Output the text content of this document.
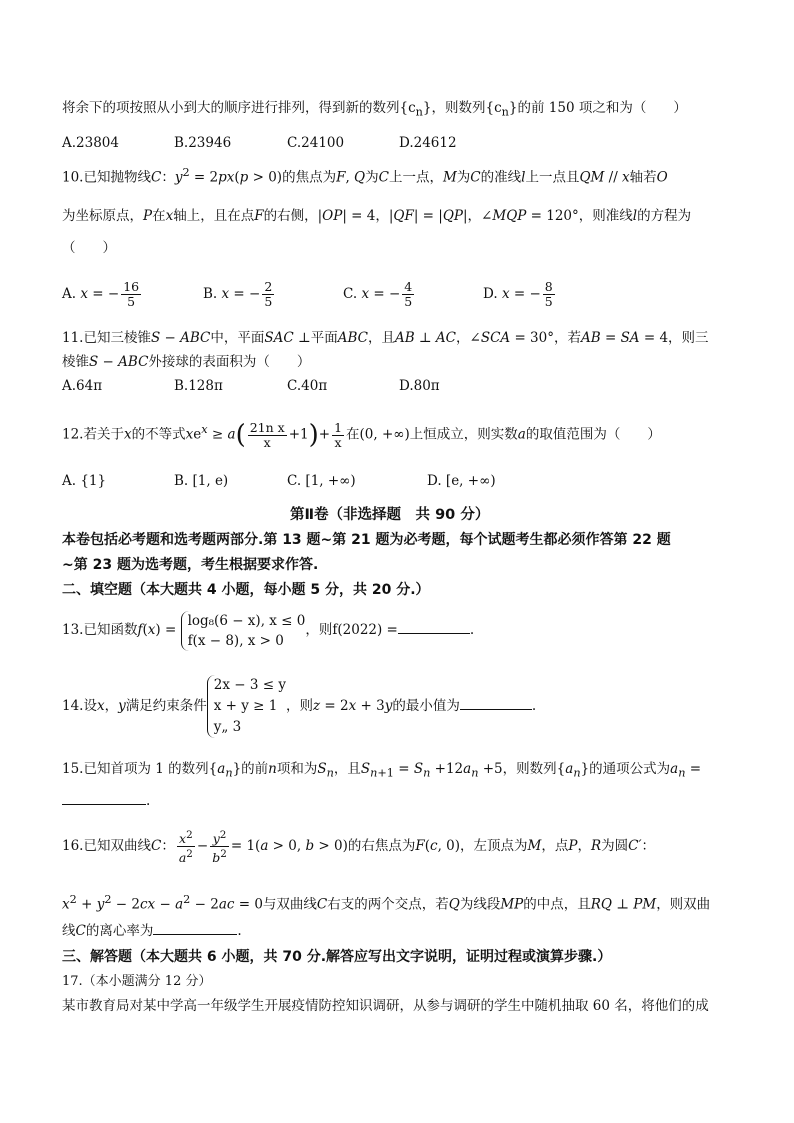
将余下的项按照从小到大的顺序进行排列，得到新的数列$\{c_n\}$，则数列$\{c_n\}$的前 150 项之和为（　　）
A.23804	B.23946	C.24100	D.24612
10.已知抛物线C：$y^2 = 2px(p > 0)$的焦点为F, Q为C上一点，M为C的准线l上一点且QM // x轴若O
为坐标原点，P在x轴上，且在点F的右侧，|OP| = 4，|QF| = |QP|，∠MQP = 120°，则准线l的方程为
（　　）
A. x = − $\frac{16}{5}$	B. x = − $\frac{2}{5}$	C. x = − $\frac{4}{5}$	D. x = − $\frac{8}{5}$
11.已知三棱锥S − ABC中，平面SAC ⊥平面ABC，且AB ⊥ AC，∠SCA = 30°，若AB = SA = 4，则三
棱锥S − ABC外接球的表面积为（　　）
A.64π	B.128π	C.40π	D.80π
12.若关于x的不等式$xe^x \ge a( \frac{\text{21n x}}{x} +1)+ \frac{1}{x}$ 在(0, +∞)上恒成立，则实数a的取值范围为（　　）
A. {1}	B. [1, e)	C. [1, +∞)	D. [e, +∞)
第Ⅱ卷（非选择题　共 90 分）
本卷包括必考题和选考题两部分.第 13 题~第 21 题为必考题，每个试题考生都必须作答第 22 题
~第 23 题为选考题，考生根据要求作答.
二、填空题（本大题共 4 小题，每小题 5 分，共 20 分.）
13.已知函数f(x) =
log₈(6 − x), x ≤ 0
f(x − 8), x > 0
，则f(2022) =	.
14.设x，y满足约束条件
2x − 3 ≤ y
x + y ≥ 1
y„ 3
，则z = 2x + 3y的最小值为	.
15.已知首项为 1 的数列$\{a_n\}$的前n项和为$S_n$，且$S_{n+1} = S_n +12a_n +5$，则数列$\{a_n\}$的通项公式为$a_n$ =
.
16.已知双曲线C： $\frac{x^2}{a^2} - \frac{y^2}{b^2} = 1(a > 0$, b > 0)的右焦点为F(c, 0)，左顶点为M，点P，R为圆C′：
$x^2 + y^2 - 2cx - a^2 - 2ac = 0$与双曲线C右支的两个交点，若Q为线段MP的中点，且RQ ⊥ PM，则双曲
线C的离心率为	.
三、解答题（本大题共 6 小题，共 70 分.解答应写出文字说明，证明过程或演算步骤.）
17.（本小题满分 12 分）
某市教育局对某中学高一年级学生开展疫情防控知识调研，从参与调研的学生中随机抽取 60 名，将他们的成
